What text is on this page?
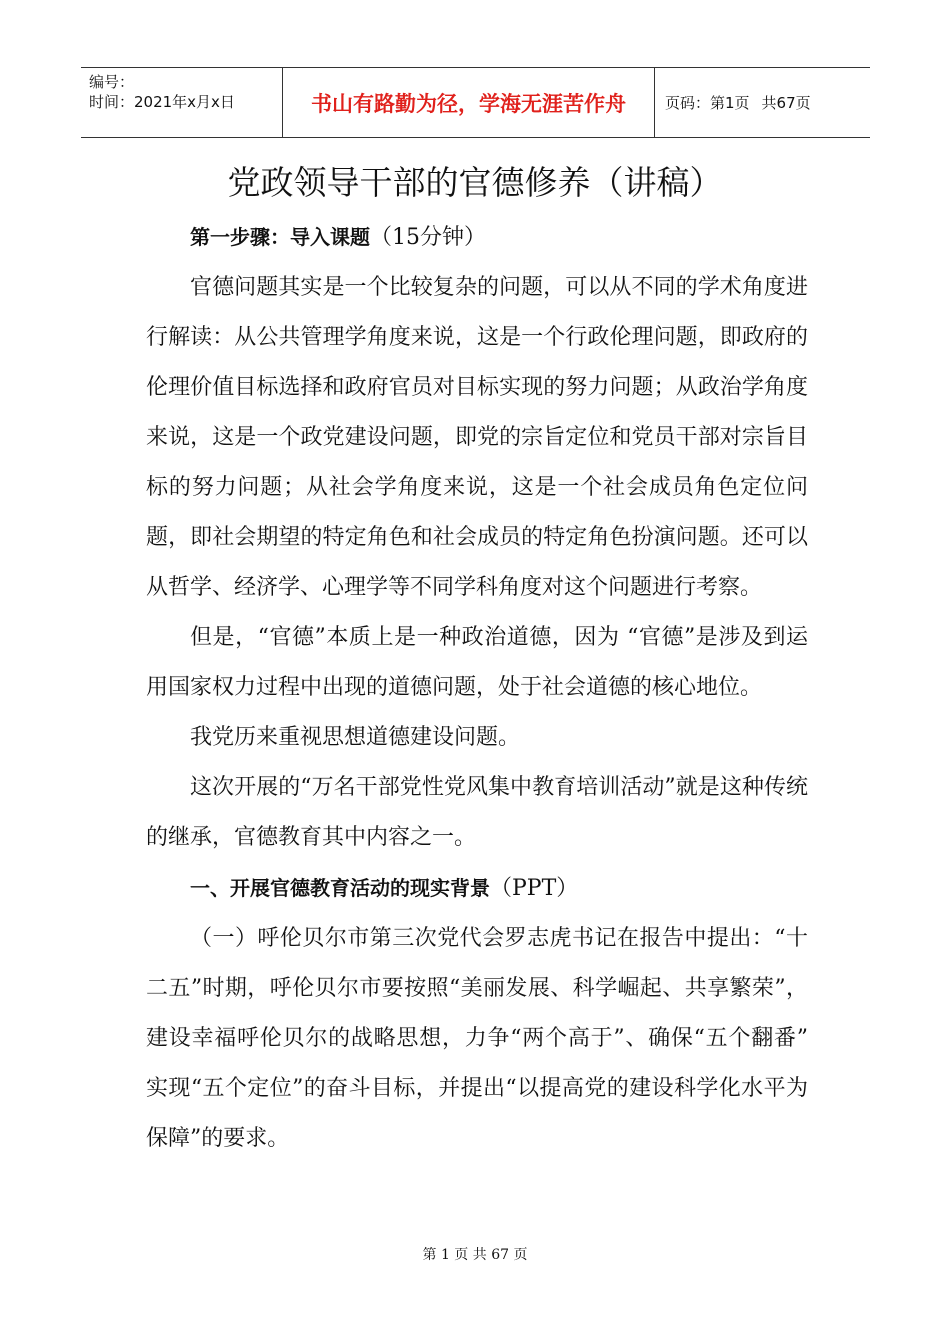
编号：
时间：2021年x月x日	书山有路勤为径，学海无涯苦作舟	页码：第1页 共67页
党政领导干部的官德修养（讲稿）

第一步骤：导入课题（15分钟）

官德问题其实是一个比较复杂的问题，可以从不同的学术角度进行解读：从公共管理学角度来说，这是一个行政伦理问题，即政府的伦理价值目标选择和政府官员对目标实现的努力问题；从政治学角度来说，这是一个政党建设问题，即党的宗旨定位和党员干部对宗旨目标的努力问题；从社会学角度来说，这是一个社会成员角色定位问题，即社会期望的特定角色和社会成员的特定角色扮演问题。还可以从哲学、经济学、心理学等不同学科角度对这个问题进行考察。

但是，“官德”本质上是一种政治道德，因为 “官德”是涉及到运用国家权力过程中出现的道德问题，处于社会道德的核心地位。

我党历来重视思想道德建设问题。

这次开展的“万名干部党性党风集中教育培训活动”就是这种传统的继承，官德教育其中内容之一。

一、开展官德教育活动的现实背景（PPT）

（一）呼伦贝尔市第三次党代会罗志虎书记在报告中提出：“十二五”时期，呼伦贝尔市要按照“美丽发展、科学崛起、共享繁荣”，建设幸福呼伦贝尔的战略思想，力争“两个高于”、确保“五个翻番” 实现“五个定位”的奋斗目标，并提出“以提高党的建设科学化水平为保障”的要求。

第 1 页 共 67 页
